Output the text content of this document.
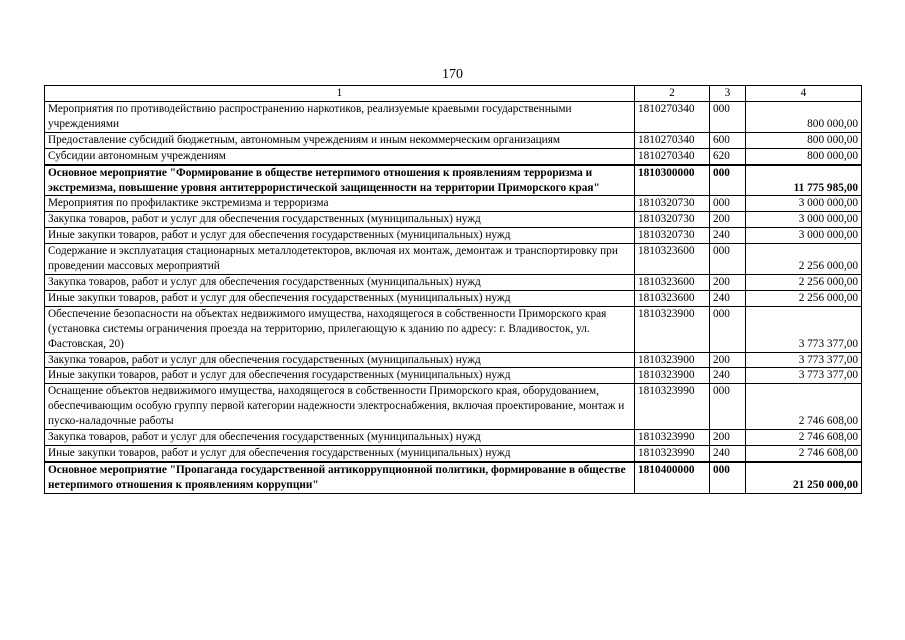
170
1	2	3	4
Мероприятия по противодействию распространению наркотиков, реализуемые краевыми государственными учреждениями	1810270340	000	800 000,00
Предоставление субсидий бюджетным, автономным учреждениям и иным некоммерческим организациям	1810270340	600	800 000,00
Субсидии автономным учреждениям	1810270340	620	800 000,00
Основное мероприятие "Формирование в обществе нетерпимого отношения к проявлениям терроризма и экстремизма, повышение уровня антитеррористической защищенности на территории Приморского края"	1810300000	000	11 775 985,00
Мероприятия по профилактике экстремизма и терроризма	1810320730	000	3 000 000,00
Закупка товаров, работ и услуг для обеспечения государственных (муниципальных) нужд	1810320730	200	3 000 000,00
Иные закупки товаров, работ и услуг для обеспечения государственных (муниципальных) нужд	1810320730	240	3 000 000,00
Содержание и эксплуатация стационарных металлодетекторов, включая их монтаж, демонтаж и транспортировку при проведении массовых мероприятий	1810323600	000	2 256 000,00
Закупка товаров, работ и услуг для обеспечения государственных (муниципальных) нужд	1810323600	200	2 256 000,00
Иные закупки товаров, работ и услуг для обеспечения государственных (муниципальных) нужд	1810323600	240	2 256 000,00
Обеспечение безопасности на объектах недвижимого имущества, находящегося в собственности Приморского края (установка системы ограничения проезда на территорию, прилегающую к зданию по адресу: г. Владивосток, ул. Фастовская, 20)	1810323900	000	3 773 377,00
Закупка товаров, работ и услуг для обеспечения государственных (муниципальных) нужд	1810323900	200	3 773 377,00
Иные закупки товаров, работ и услуг для обеспечения государственных (муниципальных) нужд	1810323900	240	3 773 377,00
Оснащение объектов недвижимого имущества, находящегося в собственности Приморского края, оборудованием, обеспечивающим особую группу первой категории надежности электроснабжения, включая проектирование, монтаж и пуско-наладочные работы	1810323990	000	2 746 608,00
Закупка товаров, работ и услуг для обеспечения государственных (муниципальных) нужд	1810323990	200	2 746 608,00
Иные закупки товаров, работ и услуг для обеспечения государственных (муниципальных) нужд	1810323990	240	2 746 608,00
Основное мероприятие "Пропаганда государственной антикоррупционной политики, формирование в обществе нетерпимого отношения к проявлениям коррупции"	1810400000	000	21 250 000,00
